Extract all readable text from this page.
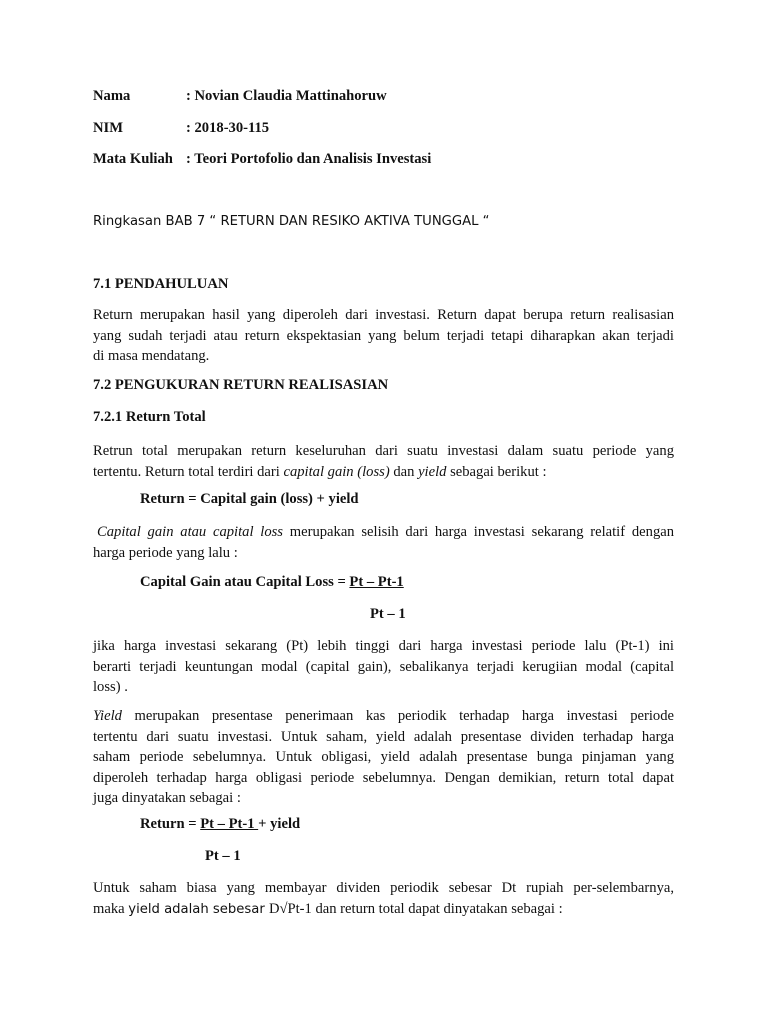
Nama	: Novian Claudia Mattinahoruw
NIM	: 2018-30-115
Mata Kuliah : Teori Portofolio dan Analisis Investasi
Ringkasan BAB 7 “ RETURN DAN RESIKO AKTIVA TUNGGAL “
7.1 PENDAHULUAN
Return merupakan hasil yang diperoleh dari investasi. Return dapat berupa return realisasian
yang sudah terjadi atau return ekspektasian yang belum terjadi tetapi diharapkan akan terjadi
di masa mendatang.
7.2 PENGUKURAN RETURN REALISASIAN
7.2.1 Return Total
Retrun total merupakan return keseluruhan dari suatu investasi dalam suatu periode yang
tertentu. Return total terdiri dari capital gain (loss) dan yield sebagai berikut :
Return = Capital gain (loss) + yield
Capital gain atau capital loss merupakan selisih dari harga investasi sekarang relatif dengan
harga periode yang lalu :
Capital Gain atau Capital Loss = Pt – Pt-1
Pt – 1
jika harga investasi sekarang (Pt) lebih tinggi dari harga investasi periode lalu (Pt-1) ini
berarti terjadi keuntungan modal (capital gain), sebalikanya terjadi kerugiian modal (capital
loss) .
Yield merupakan presentase penerimaan kas periodik terhadap harga investasi periode
tertentu dari suatu investasi. Untuk saham, yield adalah presentase dividen terhadap harga
saham periode sebelumnya. Untuk obligasi, yield adalah presentase bunga pinjaman yang
diperoleh terhadap harga obligasi periode sebelumnya. Dengan demikian, return total dapat
juga dinyatakan sebagai :
Return = Pt – Pt-1 + yield
Pt – 1
Untuk saham biasa yang membayar dividen periodik sebesar Dt rupiah per-selembarnya,
maka yield adalah sebesar D√Pt-1 dan return total dapat dinyatakan sebagai :
